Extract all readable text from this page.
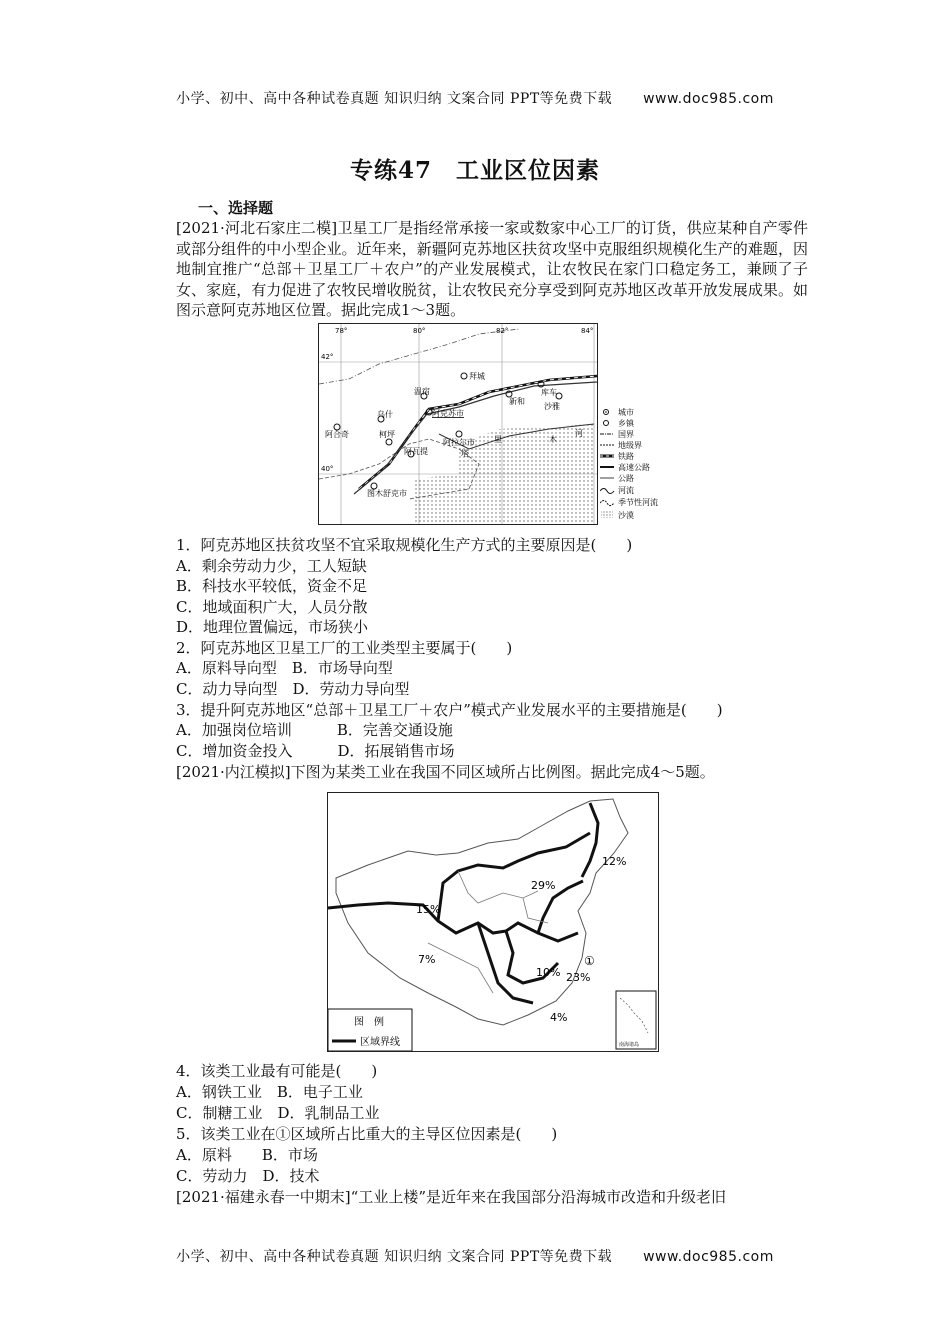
小学、初中、高中各种试卷真题 知识归纳 文案合同 PPT等免费下载 www.doc985.com
专练47 工业区位因素
一、选择题
[2021·河北石家庄二模]卫星工厂是指经常承接一家或数家中心工厂的订货，供应某种自产零件或部分组件的中小型企业。近年来，新疆阿克苏地区扶贫攻坚中克服组织规模化生产的难题，因地制宜推广“总部＋卫星工厂＋农户”的产业发展模式，让农牧民在家门口稳定务工，兼顾了子女、家庭，有力促进了农牧民增收脱贫，让农牧民充分享受到阿克苏地区改革开放发展成果。如图示意阿克苏地区位置。据此完成1～3题。
78°	80°	82°	84°
42°
40°
拜城
温宿
阿克苏市
库车
新和
沙雅
乌什
阿合奇	柯坪
阿拉尔市
阿瓦提
图木舒克市
塔
里	木
河
城市
乡镇
国界
地级界
铁路
高速公路
公路
河流
季节性河流
沙漠
1．阿克苏地区扶贫攻坚不宜采取规模化生产方式的主要原因是(　　)
A．剩余劳动力少，工人短缺
B．科技水平较低，资金不足
C．地域面积广大，人员分散
D．地理位置偏远，市场狭小
2．阿克苏地区卫星工厂的工业类型主要属于(　　)
A．原料导向型　B．市场导向型
C．动力导向型　D．劳动力导向型
3．提升阿克苏地区“总部＋卫星工厂＋农户”模式产业发展水平的主要措施是(　　)
A．加强岗位培训　　　B．完善交通设施
C．增加资金投入　　　D．拓展销售市场
[2021·内江模拟]下图为某类工业在我国不同区域所占比例图。据此完成4～5题。
12%
29%
15%
7%
10% 23%
4%
①
图　例
区域界线	南海诸岛
4．该类工业最有可能是(　　)
A．钢铁工业　B．电子工业
C．制糖工业　D．乳制品工业
5．该类工业在①区域所占比重大的主导区位因素是(　　)
A．原料　　B．市场
C．劳动力　D．技术
[2021·福建永春一中期末]“工业上楼”是近年来在我国部分沿海城市改造和升级老旧
小学、初中、高中各种试卷真题 知识归纳 文案合同 PPT等免费下载 www.doc985.com
